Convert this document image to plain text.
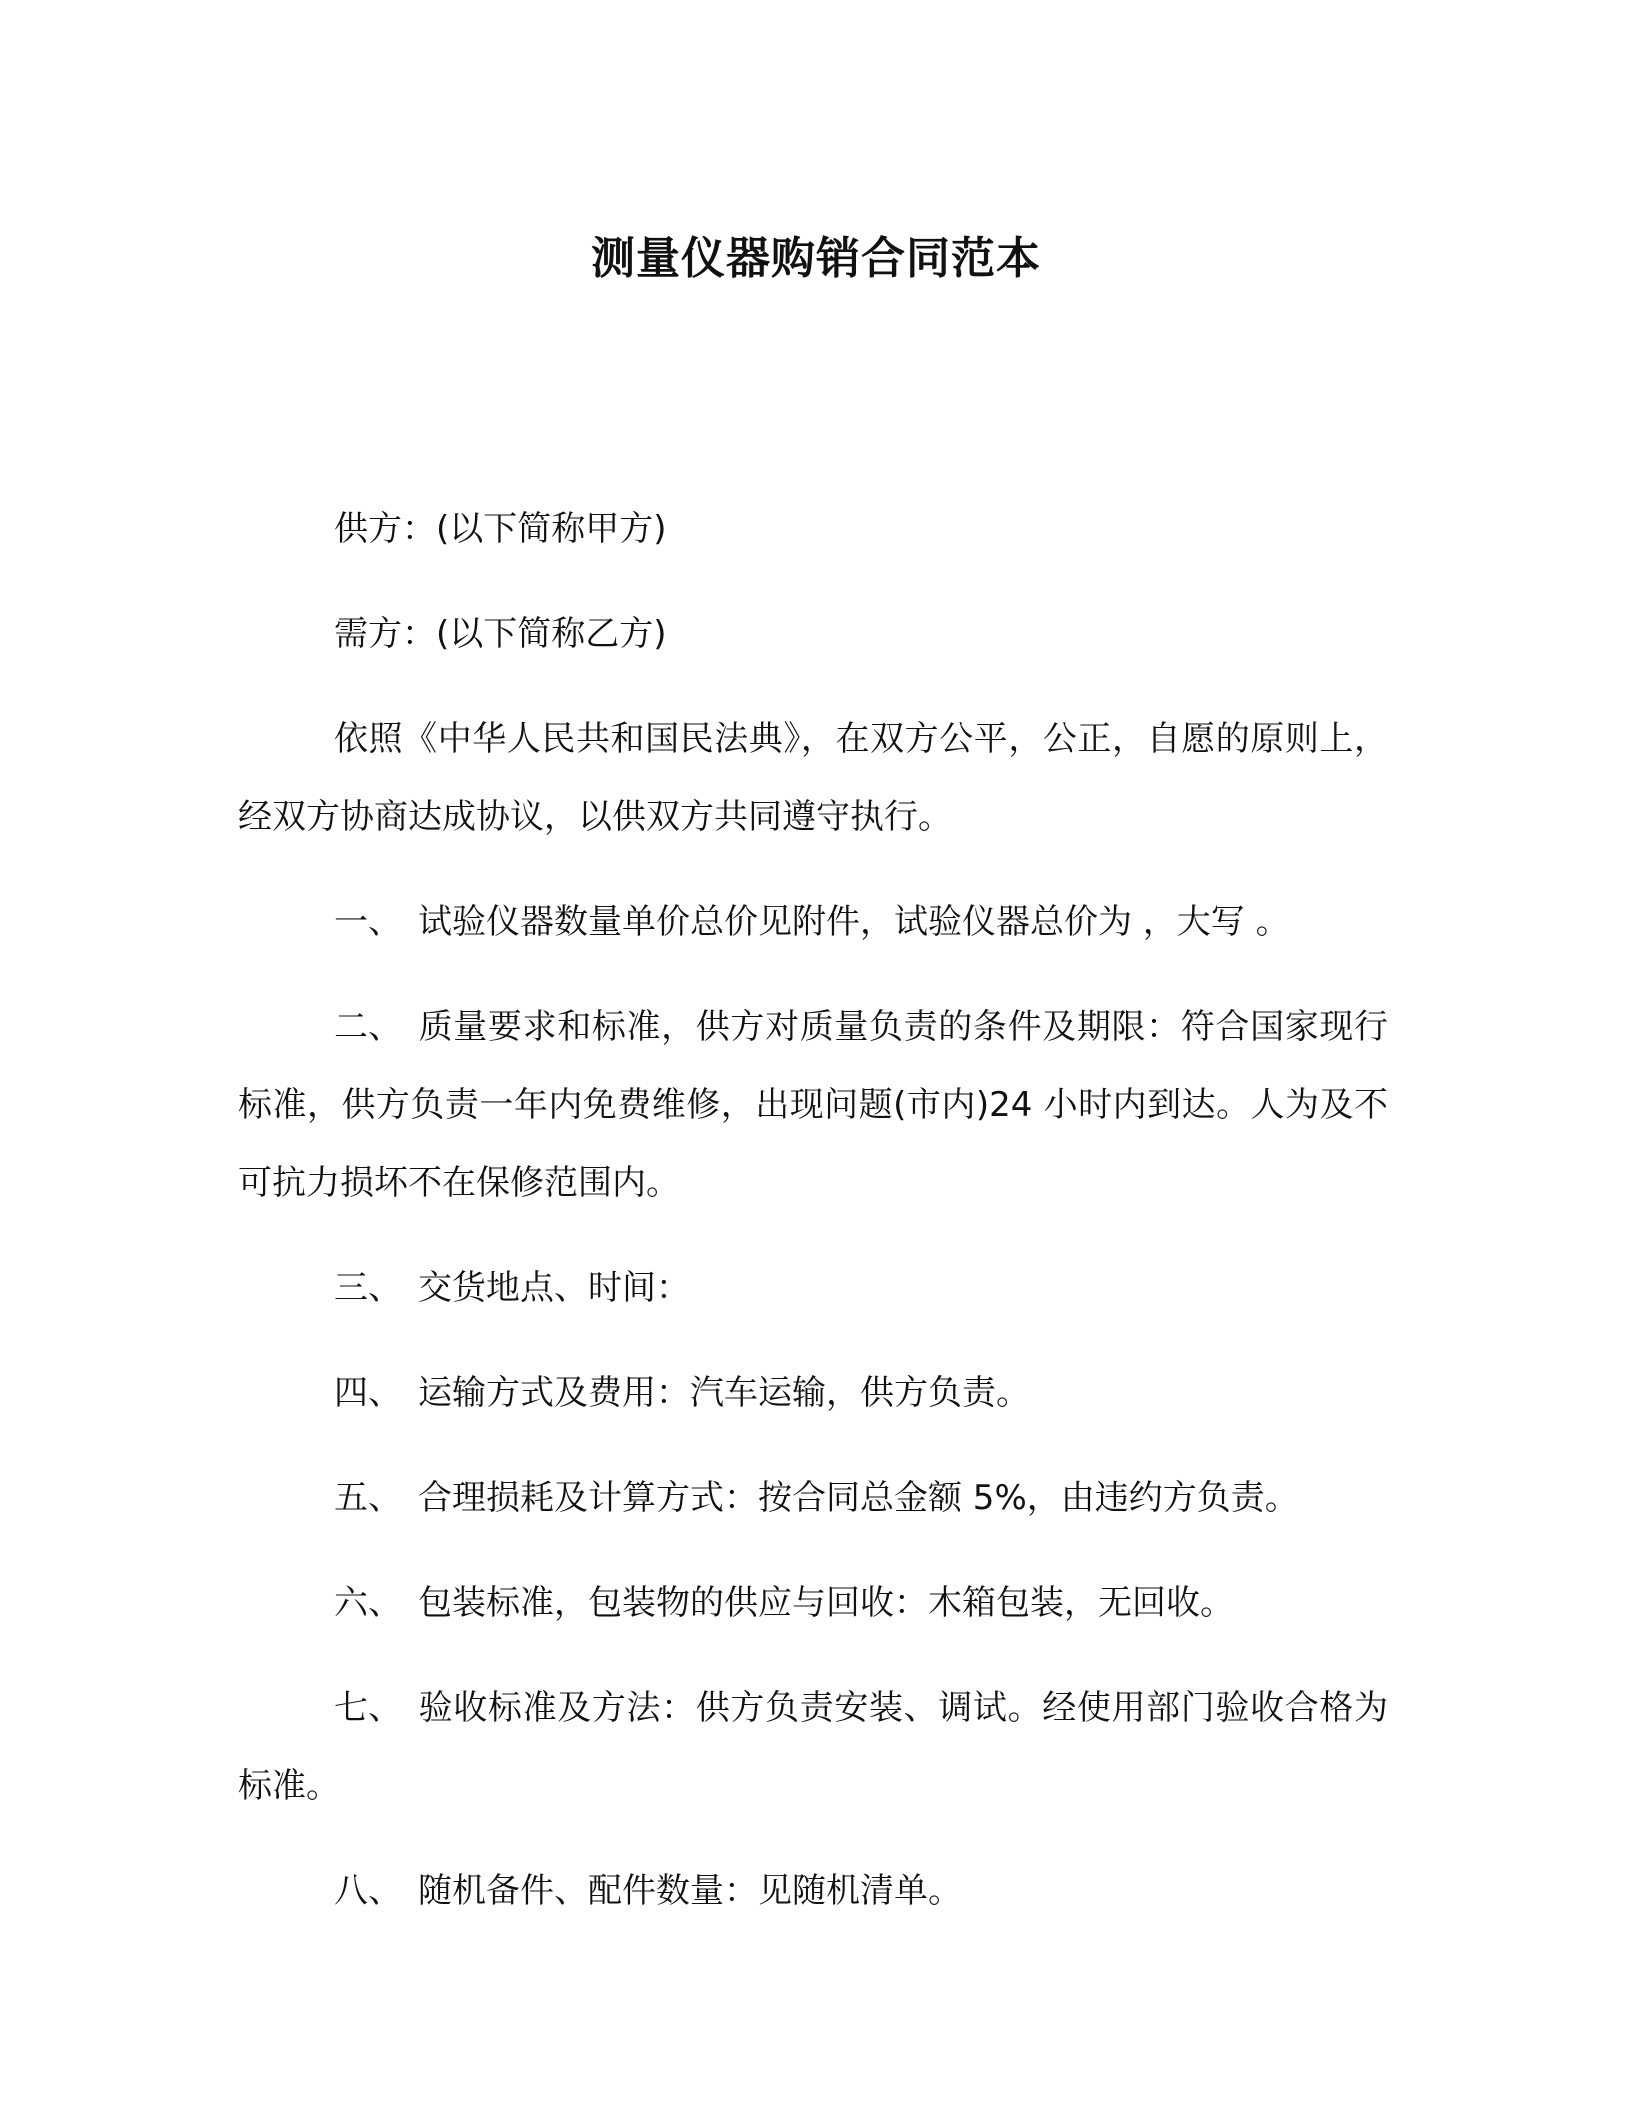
测量仪器购销合同范本

供方：(以下简称甲方)

需方：(以下简称乙方)

依照《中华人民共和国民法典》，在双方公平，公正，自愿的原则上，经双方协商达成协议，以供双方共同遵守执行。

一、 试验仪器数量单价总价见附件，试验仪器总价为 ，大写 。

二、 质量要求和标准，供方对质量负责的条件及期限：符合国家现行标准，供方负责一年内免费维修，出现问题(市内)24 小时内到达。人为及不可抗力损坏不在保修范围内。

三、 交货地点、时间：

四、 运输方式及费用：汽车运输，供方负责。

五、 合理损耗及计算方式：按合同总金额 5%，由违约方负责。

六、 包装标准，包装物的供应与回收：木箱包装，无回收。

七、 验收标准及方法：供方负责安装、调试。经使用部门验收合格为标准。

八、 随机备件、配件数量：见随机清单。
